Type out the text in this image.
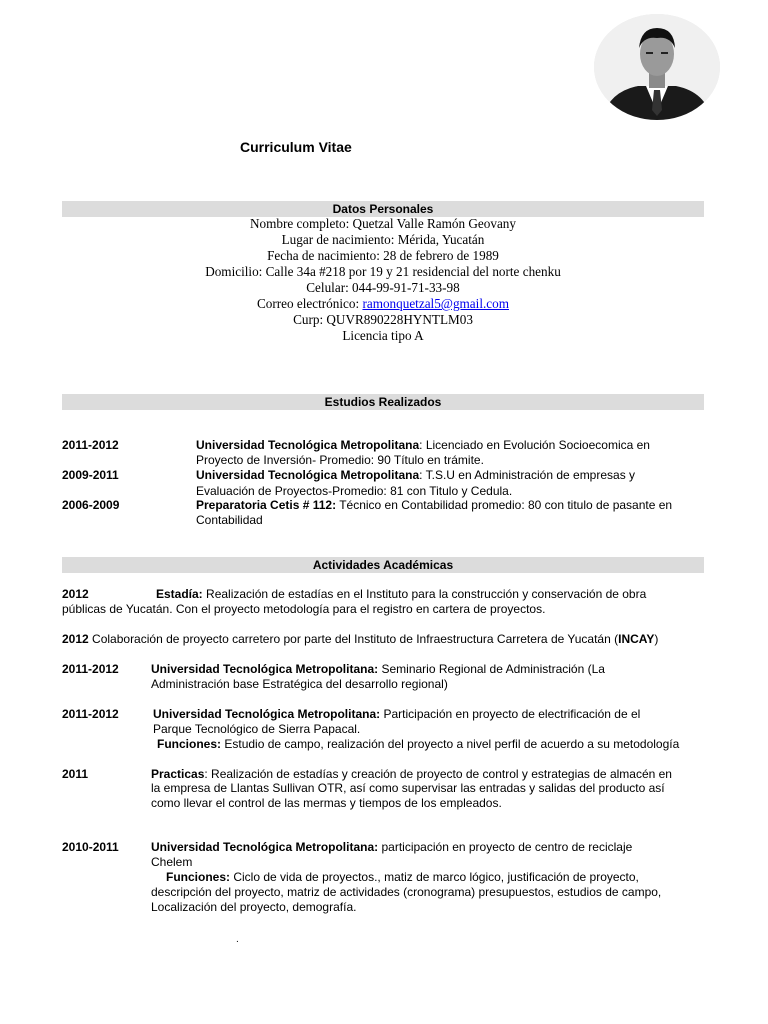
Curriculum Vitae
Datos Personales
Nombre completo: Quetzal Valle Ramón Geovany
Lugar de nacimiento: Mérida, Yucatán
Fecha de nacimiento: 28 de febrero de 1989
Domicilio: Calle 34a #218 por 19 y 21 residencial del norte chenku
Celular: 044-99-91-71-33-98
Correo electrónico: ramonquetzal5@gmail.com
Curp: QUVR890228HYNTLM03
Licencia tipo A
Estudios Realizados
2011-2012	Universidad Tecnológica Metropolitana: Licenciado en Evolución Socioecomica en
Proyecto de Inversión- Promedio: 90 Título en trámite.
2009-2011	Universidad Tecnológica Metropolitana: T.S.U en Administración de empresas y
Evaluación de Proyectos-Promedio: 81 con Titulo y Cedula.
2006-2009	Preparatoria Cetis # 112: Técnico en Contabilidad promedio: 80 con titulo de pasante en
Contabilidad
Actividades Académicas
2012	Estadía: Realización de estadías en el Instituto para la construcción y conservación de obra
públicas de Yucatán. Con el proyecto metodología para el registro en cartera de proyectos.
2012 Colaboración de proyecto carretero por parte del Instituto de Infraestructura Carretera de Yucatán (INCAY)
2011-2012	Universidad Tecnológica Metropolitana: Seminario Regional de Administración (La
Administración base Estratégica del desarrollo regional)
2011-2012	Universidad Tecnológica Metropolitana: Participación en proyecto de electrificación de el
Parque Tecnológico de Sierra Papacal.
Funciones: Estudio de campo, realización del proyecto a nivel perfil de acuerdo a su metodología
2011	Practicas: Realización de estadías y creación de proyecto de control y estrategias de almacén en
la empresa de Llantas Sullivan OTR, así como supervisar las entradas y salidas del producto así
como llevar el control de las mermas y tiempos de los empleados.
2010-2011	Universidad Tecnológica Metropolitana: participación en proyecto de centro de reciclaje
Chelem
Funciones: Ciclo de vida de proyectos., matiz de marco lógico, justificación de proyecto,
descripción del proyecto, matriz de actividades (cronograma) presupuestos, estudios de campo,
Localización del proyecto, demografía.
.
